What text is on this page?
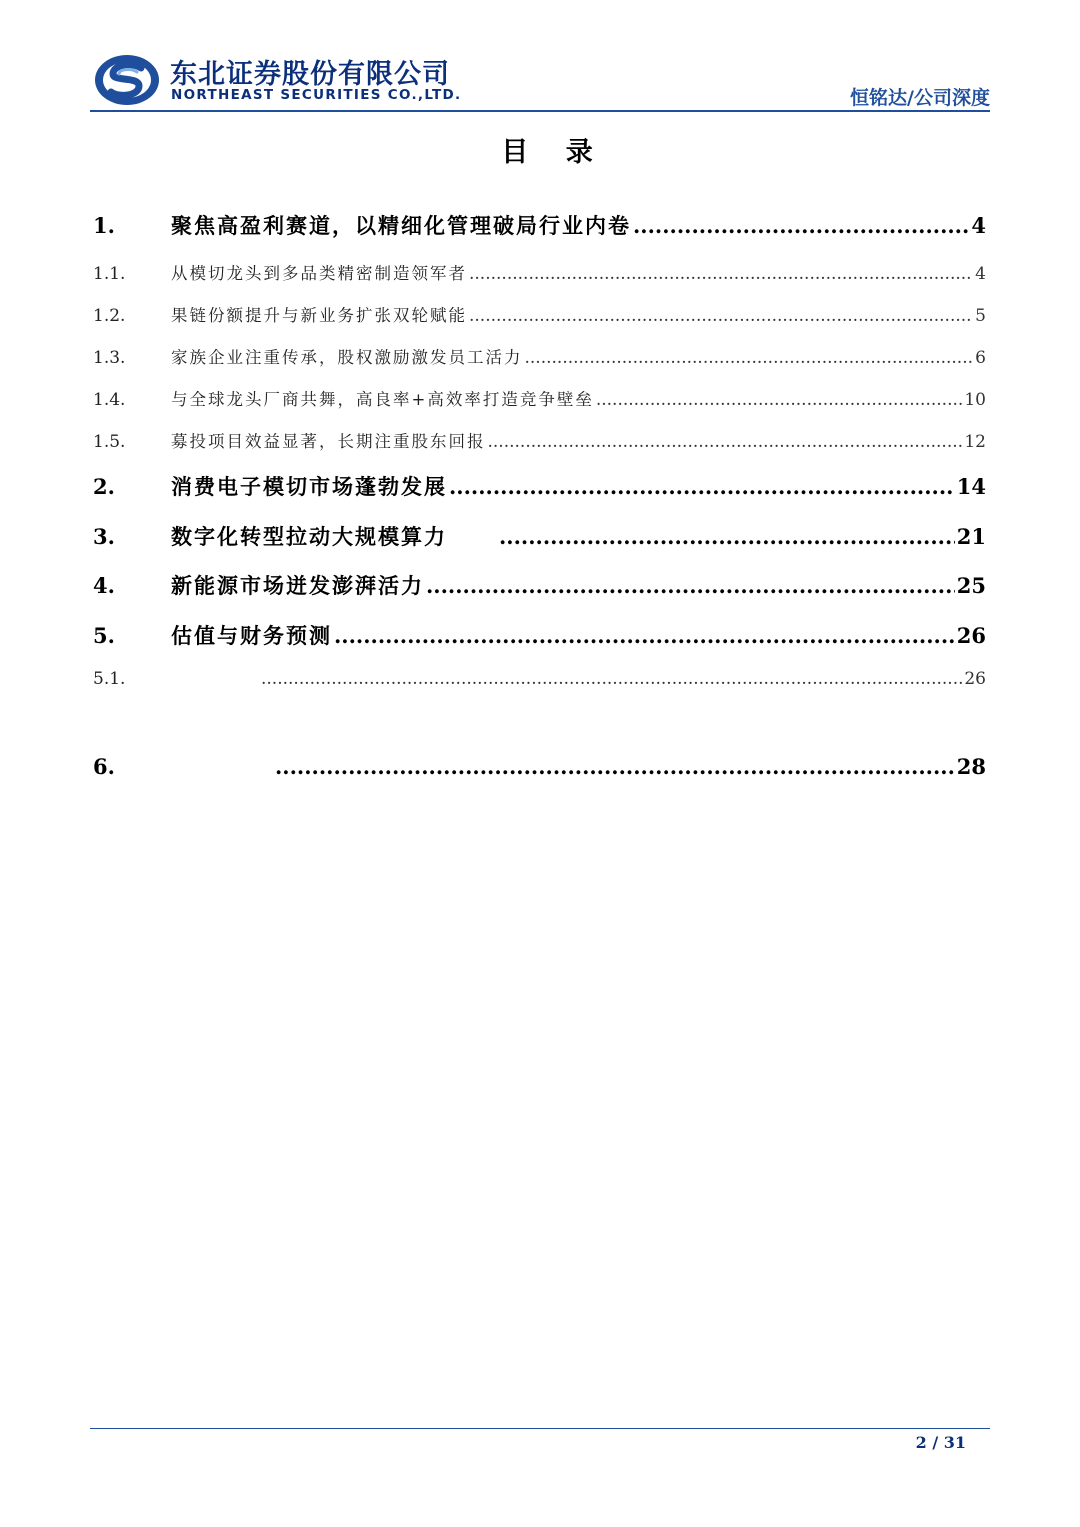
东北证券股份有限公司
NORTHEAST SECURITIES CO.,LTD.	恒铭达/公司深度
目 录
1.	聚焦高盈利赛道，以精细化管理破局行业内卷 .....	4
1.1.	从模切龙头到多品类精密制造领军者 .....	4
1.2.	果链份额提升与新业务扩张双轮赋能 .....	5
1.3.	家族企业注重传承，股权激励激发员工活力 .....	6
1.4.	与全球龙头厂商共舞，高良率+高效率打造竞争壁垒 .....	10
1.5.	募投项目效益显著，长期注重股东回报 .....	12
2.	消费电子模切市场蓬勃发展 .....	14
3.	数字化转型拉动大规模算力 .....	21
4.	新能源市场迸发澎湃活力 .....	25
5.	估值与财务预测 .....	26
5.1. .....	26
6. .....	28
2 / 31
